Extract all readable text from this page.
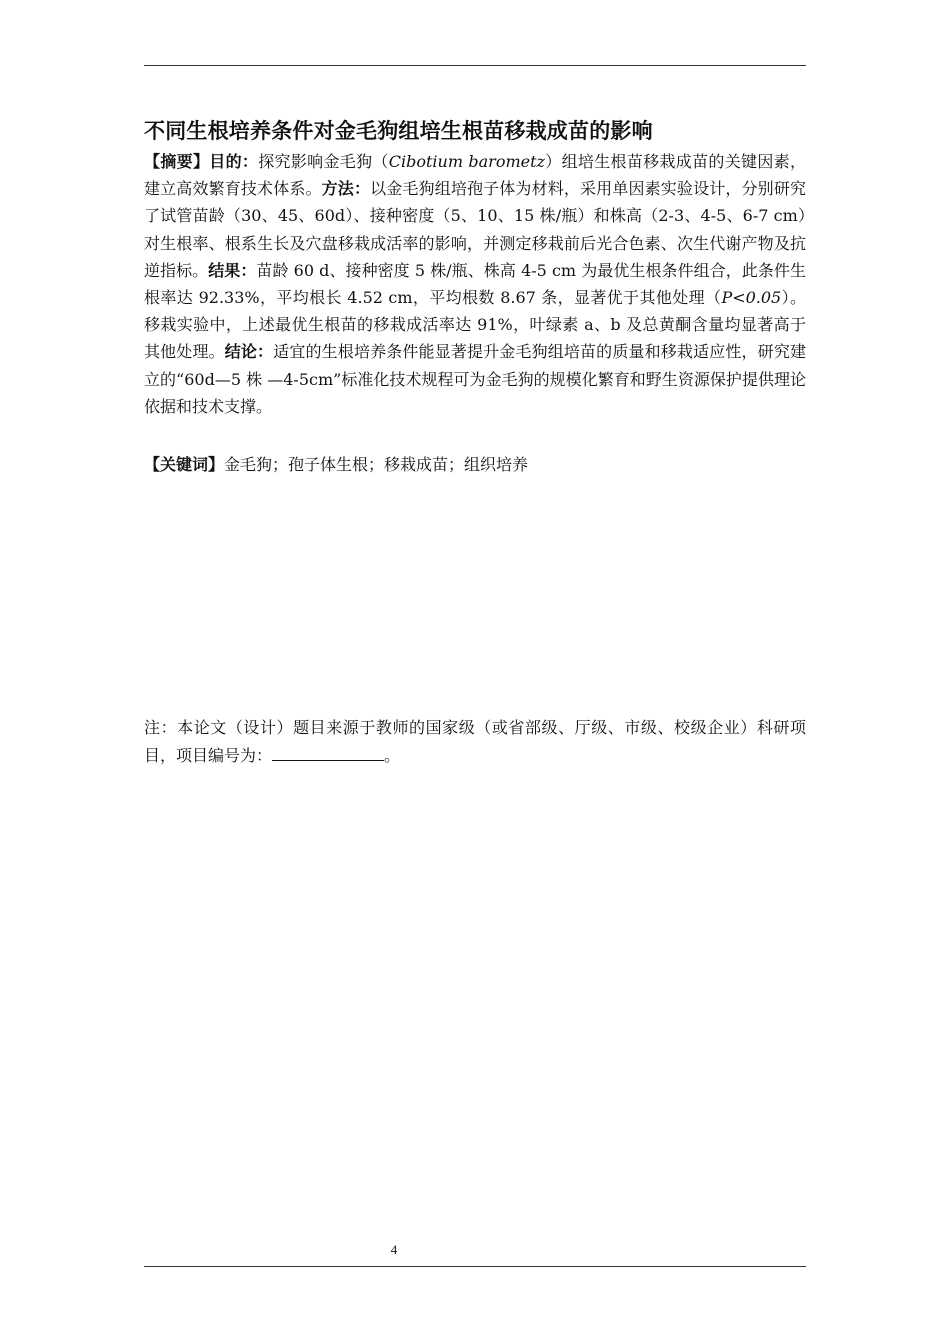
不同生根培养条件对金毛狗组培生根苗移栽成苗的影响

【摘要】目的：探究影响金毛狗（Cibotium barometz）组培生根苗移栽成苗的关键因素，建立高效繁育技术体系。方法：以金毛狗组培孢子体为材料，采用单因素实验设计，分别研究了试管苗龄（30、45、60d）、接种密度（5、10、15 株/瓶）和株高（2-3、4-5、6-7 cm）对生根率、根系生长及穴盘移栽成活率的影响，并测定移栽前后光合色素、次生代谢产物及抗逆指标。结果：苗龄 60 d、接种密度 5 株/瓶、株高 4-5 cm 为最优生根条件组合，此条件生根率达 92.33%，平均根长 4.52 cm，平均根数 8.67 条，显著优于其他处理（P<0.05）。移栽实验中，上述最优生根苗的移栽成活率达 91%，叶绿素 a、b 及总黄酮含量均显著高于其他处理。结论：适宜的生根培养条件能显著提升金毛狗组培苗的质量和移栽适应性，研究建立的“60d—5 株 —4-5cm”标准化技术规程可为金毛狗的规模化繁育和野生资源保护提供理论依据和技术支撑。

【关键词】金毛狗；孢子体生根；移栽成苗；组织培养

注：本论文（设计）题目来源于教师的国家级（或省部级、厅级、市级、校级企业）科研项目，项目编号为：	。

4
